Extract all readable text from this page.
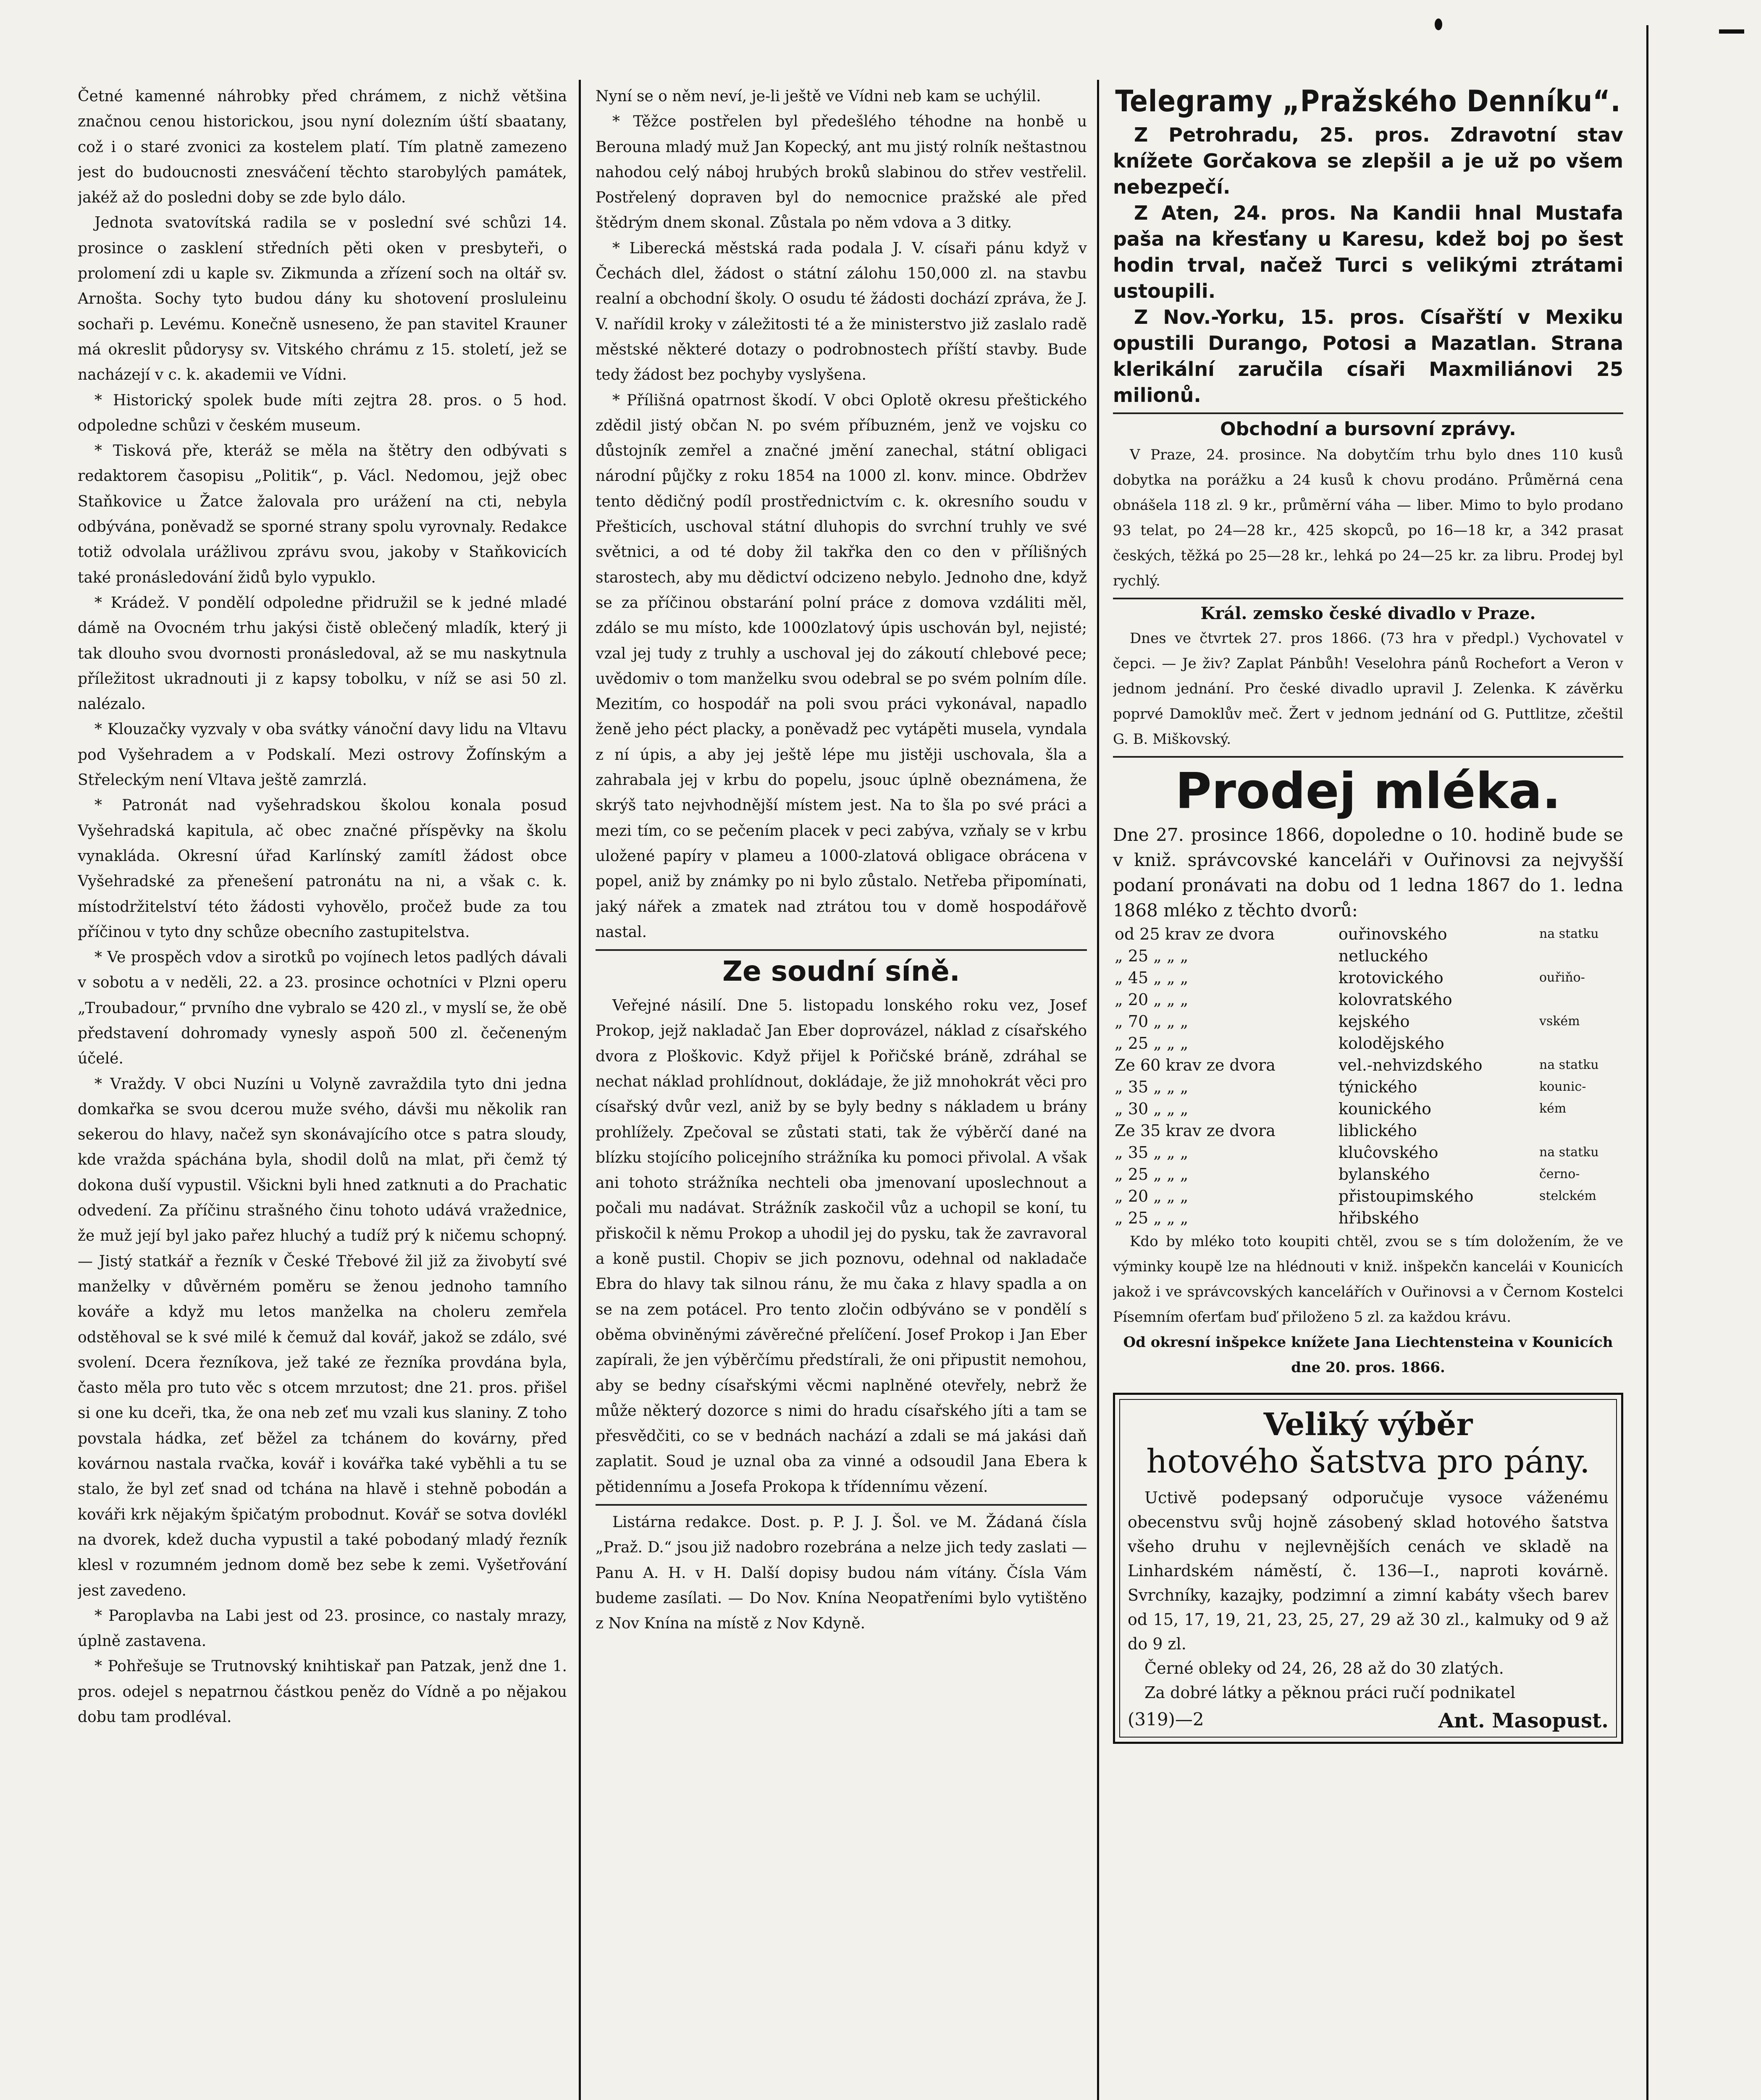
Četné kamenné náhrobky před chrámem, z nichž většina značnou cenou historickou, jsou nyní dolezním úští sbaatany, což i o staré zvonici za kostelem platí. Tím platně zamezeno jest do budoucnosti znesváčení těchto starobylých památek, jakéž až do posledni doby se zde bylo dálo.

Jednota svatovítská radila se v poslední své schůzi 14. prosince o zasklení středních pěti oken v presbyteři, o prolomení zdi u kaple sv. Zikmunda a zřízení soch na oltář sv. Arnošta. Sochy tyto budou dány ku shotovení prosluleinu sochaři p. Levému. Konečně usneseno, že pan stavitel Krauner má okreslit půdorysy sv. Vitského chrámu z 15. století, jež se nacházejí v c. k. akademii ve Vídni.

* Historický spolek bude míti zejtra 28. pros. o 5 hod. odpoledne schůzi v českém museum.

* Tisková pře, kteráž se měla na štětry den odbývati s redaktorem časopisu „Politik“, p. Václ. Nedomou, jejž obec Staňkovice u Žatce žalovala pro urážení na cti, nebyla odbývána, poněvadž se sporné strany spolu vyrovnaly. Redakce totiž odvolala urážlivou zprávu svou, jakoby v Staňkovicích také pronásledování židů bylo vypuklo.

* Krádež. V pondělí odpoledne přidružil se k jedné mladé dámě na Ovocném trhu jakýsi čistě oblečený mladík, který ji tak dlouho svou dvornosti pronásledoval, až se mu naskytnula příležitost ukradnouti ji z kapsy tobolku, v níž se asi 50 zl. nalézalo.

* Klouzačky vyzvaly v oba svátky vánoční davy lidu na Vltavu pod Vyšehradem a v Podskalí. Mezi ostrovy Žofínským a Střeleckým není Vltava ještě zamrzlá.

* Patronát nad vyšehradskou školou konala posud Vyšehradská kapitula, ač obec značné příspěvky na školu vynakláda. Okresní úřad Karlínský zamítl žádost obce Vyšehradské za přenešení patronátu na ni, a však c. k. místodržitelství této žádosti vyhovělo, pročež bude za tou příčinou v tyto dny schůze obecního zastupitelstva.

* Ve prospěch vdov a sirotků po vojínech letos padlých dávali v sobotu a v neděli, 22. a 23. prosince ochotníci v Plzni operu „Troubadour,“ prvního dne vybralo se 420 zl., v myslí se, že obě představení dohromady vynesly aspoň 500 zl. čečeneným účelé.

* Vraždy. V obci Nuzíni u Volyně zavraždila tyto dni jedna domkařka se svou dcerou muže svého, dávši mu několik ran sekerou do hlavy, načež syn skonávajícího otce s patra sloudy, kde vražda spáchána byla, shodil dolů na mlat, při čemž tý dokona duší vypustil. Všickni byli hned zatknuti a do Prachatic odvedení. Za příčinu strašného činu tohoto udává vražednice, že muž její byl jako pařez hluchý a tudíž prý k ničemu schopný. — Jistý statkář a řezník v České Třebové žil již za živobytí své manželky v důvěrném poměru se ženou jednoho tamního kováře a když mu letos manželka na choleru zemřela odstěhoval se k své milé k čemuž dal kovář, jakož se zdálo, své svolení. Dcera řezníkova, jež také ze řezníka provdána byla, často měla pro tuto věc s otcem mrzutost; dne 21. pros. přišel si one ku dceři, tka, že ona neb zeť mu vzali kus slaniny. Z toho povstala hádka, zeť běžel za tchánem do kovárny, před kovárnou nastala rvačka, kovář i kovářka také vyběhli a tu se stalo, že byl zeť snad od tchána na hlavě i stehně pobodán a kováři krk nějakým špičatým probodnut. Kovář se sotva dovlékl na dvorek, kdež ducha vypustil a také pobodaný mladý řezník klesl v rozumném jednom domě bez sebe k zemi. Vyšetřování jest zavedeno.

* Paroplavba na Labi jest od 23. prosince, co nastaly mrazy, úplně zastavena.

* Pohřešuje se Trutnovský knihtiskař pan Patzak, jenž dne 1. pros. odejel s nepatrnou částkou peněz do Vídně a po nějakou dobu tam prodléval.

Nyní se o něm neví, je-li ještě ve Vídni neb kam se uchýlil.

* Těžce postřelen byl předešlého téhodne na honbě u Berouna mladý muž Jan Kopecký, ant mu jistý rolník neštastnou nahodou celý náboj hrubých broků slabinou do střev vestřelil. Postřelený dopraven byl do nemocnice pražské ale před štědrým dnem skonal. Zůstala po něm vdova a 3 ditky.

* Liberecká městská rada podala J. V. císaři pánu když v Čechách dlel, žádost o státní zálohu 150,000 zl. na stavbu realní a obchodní školy. O osudu té žádosti dochází zpráva, že J. V. nařídil kroky v záležitosti té a že ministerstvo již zaslalo radě městské některé dotazy o podrobnostech příští stavby. Bude tedy žádost bez pochyby vyslyšena.

* Přílišná opatrnost škodí. V obci Oplotě okresu přeštického zdědil jistý občan N. po svém příbuzném, jenž ve vojsku co důstojník zemřel a značné jmění zanechal, státní obligaci národní půjčky z roku 1854 na 1000 zl. konv. mince. Obdržev tento dědičný podíl prostřednictvím c. k. okresního soudu v Přešticích, uschoval státní dluhopis do svrchní truhly ve své světnici, a od té doby žil takřka den co den v přílišných starostech, aby mu dědictví odcizeno nebylo. Jednoho dne, když se za příčinou obstarání polní práce z domova vzdáliti měl, zdálo se mu místo, kde 1000zlatový úpis uschován byl, nejisté; vzal jej tudy z truhly a uschoval jej do zákoutí chlebové pece; uvědomiv o tom manželku svou odebral se po svém polním díle. Mezitím, co hospodář na poli svou práci vykonával, napadlo ženě jeho péct placky, a poněvadž pec vytápěti musela, vyndala z ní úpis, a aby jej ještě lépe mu jistěji uschovala, šla a zahrabala jej v krbu do popelu, jsouc úplně obeznámena, že skrýš tato nejvhodnější místem jest. Na to šla po své práci a mezi tím, co se pečením placek v peci zabýva, vzňaly se v krbu uložené papíry v plameu a 1000-zlatová obligace obrácena v popel, aniž by známky po ni bylo zůstalo. Netřeba připomínati, jaký nářek a zmatek nad ztrátou tou v domě hospodářově nastal.

Ze soudní síně.

Veřejné násilí. Dne 5. listopadu lonského roku vez, Josef Prokop, jejž nakladač Jan Eber doprovázel, náklad z císařského dvora z Ploškovic. Když přijel k Pořičské bráně, zdráhal se nechat náklad prohlídnout, dokládaje, že již mnohokrát věci pro císařský dvůr vezl, aniž by se byly bedny s nákladem u brány prohlížely. Zpečoval se zůstati stati, tak že výběrčí dané na blízku stojícího policejního strážníka ku pomoci přivolal. A však ani tohoto strážníka nechteli oba jmenovaní uposlechnout a počali mu nadávat. Strážník zaskočil vůz a uchopil se koní, tu přiskočil k němu Prokop a uhodil jej do pysku, tak že zavravoral a koně pustil. Chopiv se jich poznovu, odehnal od nakladače Ebra do hlavy tak silnou ránu, že mu čaka z hlavy spadla a on se na zem potácel. Pro tento zločin odbýváno se v pondělí s oběma obviněnými závěrečné přelíčení. Josef Prokop i Jan Eber zapírali, že jen výběrčímu předstírali, že oni připustit nemohou, aby se bedny císařskými věcmi naplněné otevřely, nebrž že může některý dozorce s nimi do hradu císařského jíti a tam se přesvědčiti, co se v bednách nachází a zdali se má jakási daň zaplatit. Soud je uznal oba za vinné a odsoudil Jana Ebera k pětidennímu a Josefa Prokopa k třídennímu vězení.

Listárna redakce. Dost. p. P. J. J. Šol. ve M. Žádaná čísla „Praž. D.“ jsou již nadobro rozebrána a nelze jich tedy zaslati — Panu A. H. v H. Další dopisy budou nám vítány. Čísla Vám budeme zasílati. — Do Nov. Knína Neopatřeními bylo vytištěno z Nov Knína na místě z Nov Kdyně.

Telegramy „Pražského Denníku“.

Z Petrohradu, 25. pros. Zdravotní stav knížete Gorčakova se zlepšil a je už po všem nebezpečí.

Z Aten, 24. pros. Na Kandii hnal Mustafa paša na křesťany u Karesu, kdež boj po šest hodin trval, načež Turci s velikými ztrátami ustoupili.

Z Nov.-Yorku, 15. pros. Císařští v Mexiku opustili Durango, Potosi a Mazatlan. Strana klerikální zaručila císaři Maxmiliánovi 25 milionů.

Obchodní a bursovní zprávy.

V Praze, 24. prosince. Na dobytčím trhu bylo dnes 110 kusů dobytka na porážku a 24 kusů k chovu prodáno. Průměrná cena obnášela 118 zl. 9 kr., průměrní váha — liber. Mimo to bylo prodano 93 telat, po 24—28 kr., 425 skopců, po 16—18 kr, a 342 prasat českých, těžká po 25—28 kr., lehká po 24—25 kr. za libru. Prodej byl rychlý.

Král. zemsko české divadlo v Praze.

Dnes ve čtvrtek 27. pros 1866. (73 hra v předpl.) Vychovatel v čepci. — Je živ? Zaplat Pánbůh! Veselohra pánů Rochefort a Veron v jednom jednání. Pro české divadlo upravil J. Zelenka. K závěrku poprvé Damoklův meč. Žert v jednom jednání od G. Puttlitze, zčeštil G. B. Miškovský.

Prodej mléka.

Dne 27. prosince 1866, dopoledne o 10. hodině bude se v kniž. správcovské kanceláři v Ouřinovsi za nejvyšší podaní pronávati na dobu od 1 ledna 1867 do 1. ledna 1868 mléko z těchto dvorů:

od 25 krav ze dvora	ouřinovského	na statku
„ 25 „ „ „	netluckého	
„ 45 „ „ „	krotovického	ouřiňo-
„ 20 „ „ „	kolovratského	
„ 70 „ „ „	kejského	vském
„ 25 „ „ „	kolodějského	
Ze 60 krav ze dvora	vel.-nehvizdského	na statku
„ 35 „ „ „	týnického	kounic-
„ 30 „ „ „	kounického	kém
Ze 35 krav ze dvora	liblického	
„ 35 „ „ „	kluĉovského	na statku
„ 25 „ „ „	bylanského	černo-
„ 20 „ „ „	přistoupimského	stelckém
„ 25 „ „ „	hřibského	

Kdo by mléko toto koupiti chtěl, zvou se s tím doložením, že ve výminky koupě lze na hlédnouti v kniž. inšpekčn kancelái v Kounicích jakož i ve správcovských kancelářích v Ouřinovsi a v Černom Kostelci Písemním oferťam buď přiloženo 5 zl. za každou krávu.

Od okresní inšpekce knížete Jana Liechtensteina v Kounicích dne 20. pros. 1866.

Veliký výběr
hotového šatstva pro pány.

Uctivě podepsaný odporučuje vysoce váženému obecenstvu svůj hojně zásobený sklad hotového šatstva všeho druhu v nejlevnějších cenách ve skladě na Linhardském náměstí, č. 136—I., naproti kovárně. Svrchníky, kazajky, podzimní a zimní kabáty všech barev od 15, 17, 19, 21, 23, 25, 27, 29 až 30 zl., kalmuky od 9 až do 9 zl.

Černé obleky od 24, 26, 28 až do 30 zlatých.

Za dobré látky a pěknou práci ručí podnikatel

(319)—2	Ant. Masopust.
